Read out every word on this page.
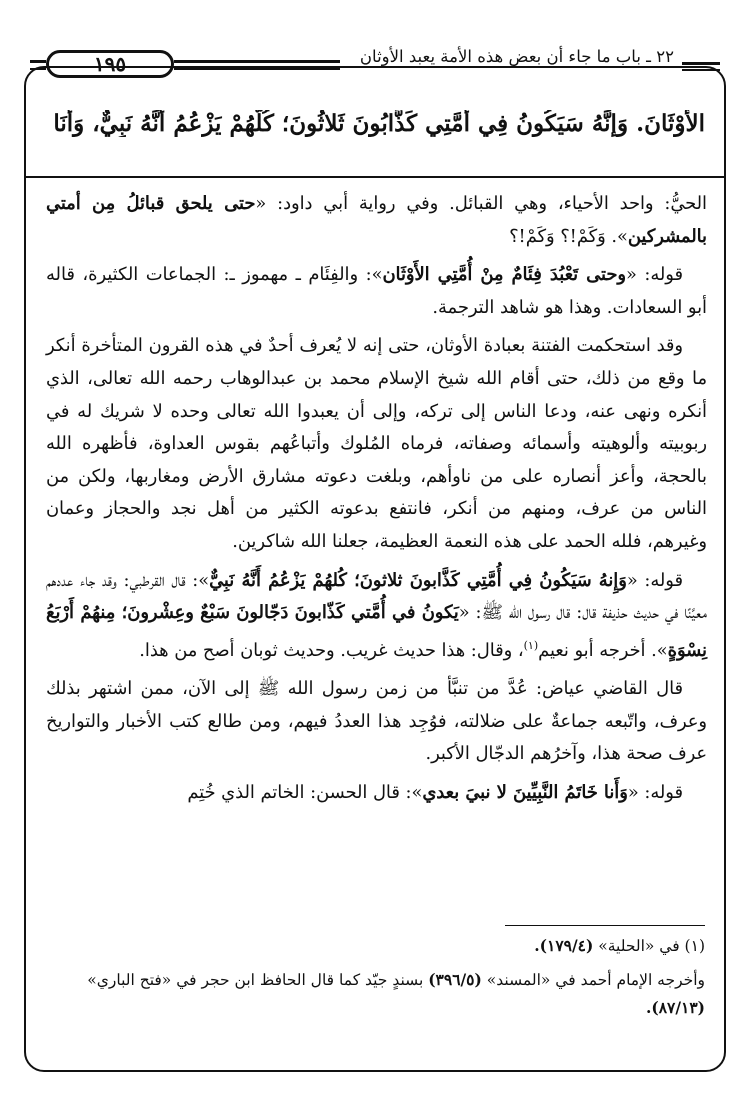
١٩٥	٢٢ ـ باب ما جاء أن بعض هذه الأمة يعبد الأوثان
الأَوْثَانَ. وَإِنَّهُ سَيَكُونُ فِي أُمَّتِي كَذَّابُونَ ثَلاثُونَ؛ كُلُّهُمْ يَزْعُمُ أَنَّهُ نَبِيٌّ، وَأَنَا

الحيُّ: واحد الأحياء، وهي القبائل. وفي رواية أبي داود: «حتى يلحق قبائلُ مِن أمتي بالمشركين». وَكَمْ!؟ وَكَمْ!؟

قوله: «وحتى تَعْبُدَ فِئَامٌ مِنْ أُمَّتِي الأَوْثَان»: والفِئَام ـ مهموز ـ: الجماعات الكثيرة، قاله أبو السعادات. وهذا هو شاهد الترجمة.

وقد استحكمت الفتنة بعبادة الأوثان، حتى إنه لا يُعرف أحدٌ في هذه القرون المتأخرة أنكر ما وقع من ذلك، حتى أقام الله شيخ الإسلام محمد بن عبدالوهاب رحمه الله تعالى، الذي أنكره ونهى عنه، ودعا الناس إلى تركه، وإلى أن يعبدوا الله تعالى وحده لا شريك له في ربوبيته وألوهيته وأسمائه وصفاته، فرماه المُلوك وأتباعُهم بقوس العداوة، فأظهره الله بالحجة، وأعز أنصاره على من ناوأهم، وبلغت دعوته مشارق الأرض ومغاربها، ولكن من الناس من عرف، ومنهم من أنكر، فانتفع بدعوته الكثير من أهل نجد والحجاز وعمان وغيرهم، فلله الحمد على هذه النعمة العظيمة، جعلنا الله شاكرين.

قوله: «وَإِنهُ سَيَكُونُ فِي أُمَّتِي كَذَّابونَ ثلاثونَ؛ كُلهُمْ يَزْعُمُ أَنَّهُ نَبِيٌّ»: قال القرطبي: وقد جاء عددهم معيَّنًا في حديث حذيفة قال: قال رسول الله ﷺ: «يَكونُ في أُمَّتي كَذّابونَ دَجّالونَ سَبْعٌ وعِشْرونَ؛ مِنهُمْ أَرْبَعُ نِسْوَةٍ». أخرجه أبو نعيم$^{(١)}$، وقال: هذا حديث غريب. وحديث ثوبان أصح من هذا.

قال القاضي عياض: عُدَّ من تنبَّأ من زمن رسول الله ﷺ إلى الآن، ممن اشتهر بذلك وعرف، واتّبعه جماعةٌ على ضلالته، فوُجِد هذا العددُ فيهم، ومن طالع كتب الأخبار والتواريخ عرف صحة هذا، وآخرُهم الدجّال الأكبر.

قوله: «وَأَنا خَاتَمُ النَّبِيِّينَ لا نبيَ بعدي»: قال الحسن: الخاتم الذي خُتِم

(١) في «الحلية» (١٧٩/٤).

وأخرجه الإمام أحمد في «المسند» (٣٩٦/٥) بسندٍ جيّد كما قال الحافظ ابن حجر في «فتح الباري» (٨٧/١٣).
